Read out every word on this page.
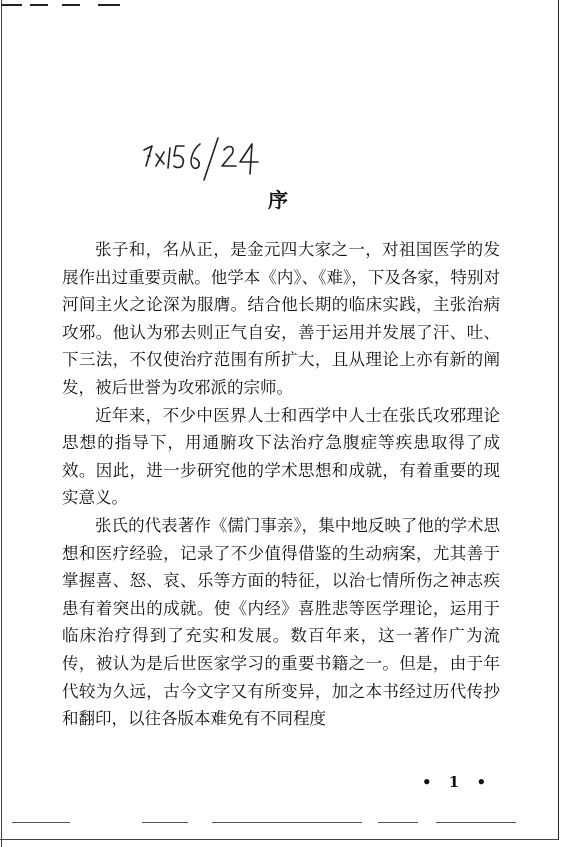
序

张子和，名从正，是金元四大家之一，对祖国医学的发展作出过重要贡献。他学本《内》、《难》，下及各家，特别对河间主火之论深为服膺。结合他长期的临床实践，主张治病攻邪。他认为邪去则正气自安，善于运用并发展了汗、吐、下三法，不仅使治疗范围有所扩大，且从理论上亦有新的阐发，被后世誉为攻邪派的宗师。

近年来，不少中医界人士和西学中人士在张氏攻邪理论思想的指导下，用通腑攻下法治疗急腹症等疾患取得了成效。因此，进一步研究他的学术思想和成就，有着重要的现实意义。

张氏的代表著作《儒门事亲》，集中地反映了他的学术思想和医疗经验，记录了不少值得借鉴的生动病案，尤其善于掌握喜、怒、哀、乐等方面的特征，以治七情所伤之神志疾患有着突出的成就。使《内经》喜胜悲等医学理论，运用于临床治疗得到了充实和发展。数百年来，这一著作广为流传，被认为是后世医家学习的重要书籍之一。但是，由于年代较为久远，古今文字又有所变异，加之本书经过历代传抄和翻印，以往各版本难免有不同程度

• 1 •
